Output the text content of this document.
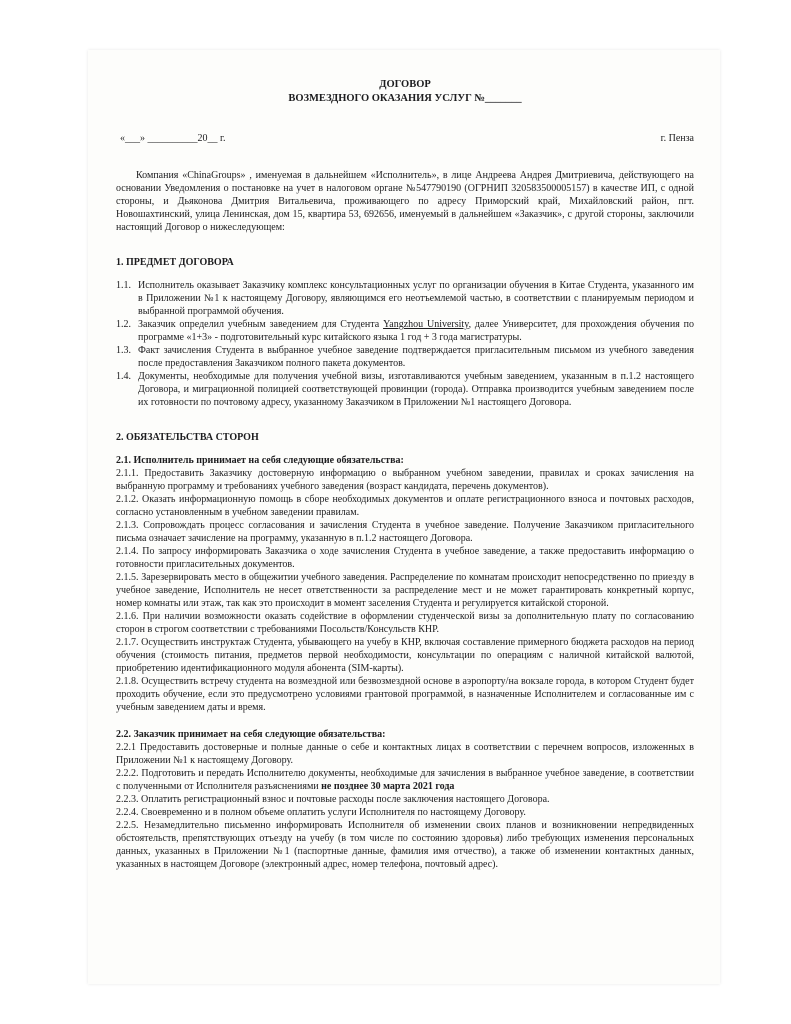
ДОГОВОР
ВОЗМЕЗДНОГО ОКАЗАНИЯ УСЛУГ №_______
«___» __________20__ г.	г. Пенза
Компания «ChinaGroups» , именуемая в дальнейшем «Исполнитель», в лице Андреева Андрея Дмитриевича, действующего на основании Уведомления о постановке на учет в налоговом органе №547790190 (ОГРНИП 320583500005157) в качестве ИП, с одной стороны, и Дьяконова Дмитрия Витальевича, проживающего по адресу Приморский край, Михайловский район, пгт. Новошахтинский, улица Ленинская, дом 15, квартира 53, 692656, именуемый в дальнейшем «Заказчик», с другой стороны, заключили настоящий Договор о нижеследующем:
1. ПРЕДМЕТ ДОГОВОРА
1.1. Исполнитель оказывает Заказчику комплекс консультационных услуг по организации обучения в Китае Студента, указанного им в Приложении №1 к настоящему Договору, являющимся его неотъемлемой частью, в соответствии с планируемым периодом и выбранной программой обучения.
1.2. Заказчик определил учебным заведением для Студента Yangzhou University, далее Университет, для прохождения обучения по программе «1+3» - подготовительный курс китайского языка 1 год + 3 года магистратуры.
1.3. Факт зачисления Студента в выбранное учебное заведение подтверждается пригласительным письмом из учебного заведения после предоставления Заказчиком полного пакета документов.
1.4. Документы, необходимые для получения учебной визы, изготавливаются учебным заведением, указанным в п.1.2 настоящего Договора, и миграционной полицией соответствующей провинции (города). Отправка производится учебным заведением после их готовности по почтовому адресу, указанному Заказчиком в Приложении №1 настоящего Договора.
2. ОБЯЗАТЕЛЬСТВА СТОРОН
2.1. Исполнитель принимает на себя следующие обязательства:
2.1.1. Предоставить Заказчику достоверную информацию о выбранном учебном заведении, правилах и сроках зачисления на выбранную программу и требованиях учебного заведения (возраст кандидата, перечень документов).
2.1.2. Оказать информационную помощь в сборе необходимых документов и оплате регистрационного взноса и почтовых расходов, согласно установленным в учебном заведении правилам.
2.1.3. Сопровождать процесс согласования и зачисления Студента в учебное заведение. Получение Заказчиком пригласительного письма означает зачисление на программу, указанную в п.1.2 настоящего Договора.
2.1.4. По запросу информировать Заказчика о ходе зачисления Студента в учебное заведение, а также предоставить информацию о готовности пригласительных документов.
2.1.5. Зарезервировать место в общежитии учебного заведения. Распределение по комнатам происходит непосредственно по приезду в учебное заведение, Исполнитель не несет ответственности за распределение мест и не может гарантировать конкретный корпус, номер комнаты или этаж, так как это происходит в момент заселения Студента и регулируется китайской стороной.
2.1.6. При наличии возможности оказать содействие в оформлении студенческой визы за дополнительную плату по согласованию сторон в строгом соответствии с требованиями Посольств/Консульств КНР.
2.1.7. Осуществить инструктаж Студента, убывающего на учебу в КНР, включая составление примерного бюджета расходов на период обучения (стоимость питания, предметов первой необходимости, консультации по операциям с наличной китайской валютой, приобретению идентификационного модуля абонента (SIM-карты).
2.1.8. Осуществить встречу студента на возмездной или безвозмездной основе в аэропорту/на вокзале города, в котором Студент будет проходить обучение, если это предусмотрено условиями грантовой программой, в назначенные Исполнителем и согласованные им с учебным заведением даты и время.
2.2. Заказчик принимает на себя следующие обязательства:
2.2.1 Предоставить достоверные и полные данные о себе и контактных лицах в соответствии с перечнем вопросов, изложенных в Приложении №1 к настоящему Договору.
2.2.2. Подготовить и передать Исполнителю документы, необходимые для зачисления в выбранное учебное заведение, в соответствии с полученными от Исполнителя разъяснениями не позднее 30 марта 2021 года
2.2.3. Оплатить регистрационный взнос и почтовые расходы после заключения настоящего Договора.
2.2.4. Своевременно и в полном объеме оплатить услуги Исполнителя по настоящему Договору.
2.2.5. Незамедлительно письменно информировать Исполнителя об изменении своих планов и возникновении непредвиденных обстоятельств, препятствующих отъезду на учебу (в том числе по состоянию здоровья) либо требующих изменения персональных данных, указанных в Приложении №1 (паспортные данные, фамилия имя отчество), а также об изменении контактных данных, указанных в настоящем Договоре (электронный адрес, номер телефона, почтовый адрес).
